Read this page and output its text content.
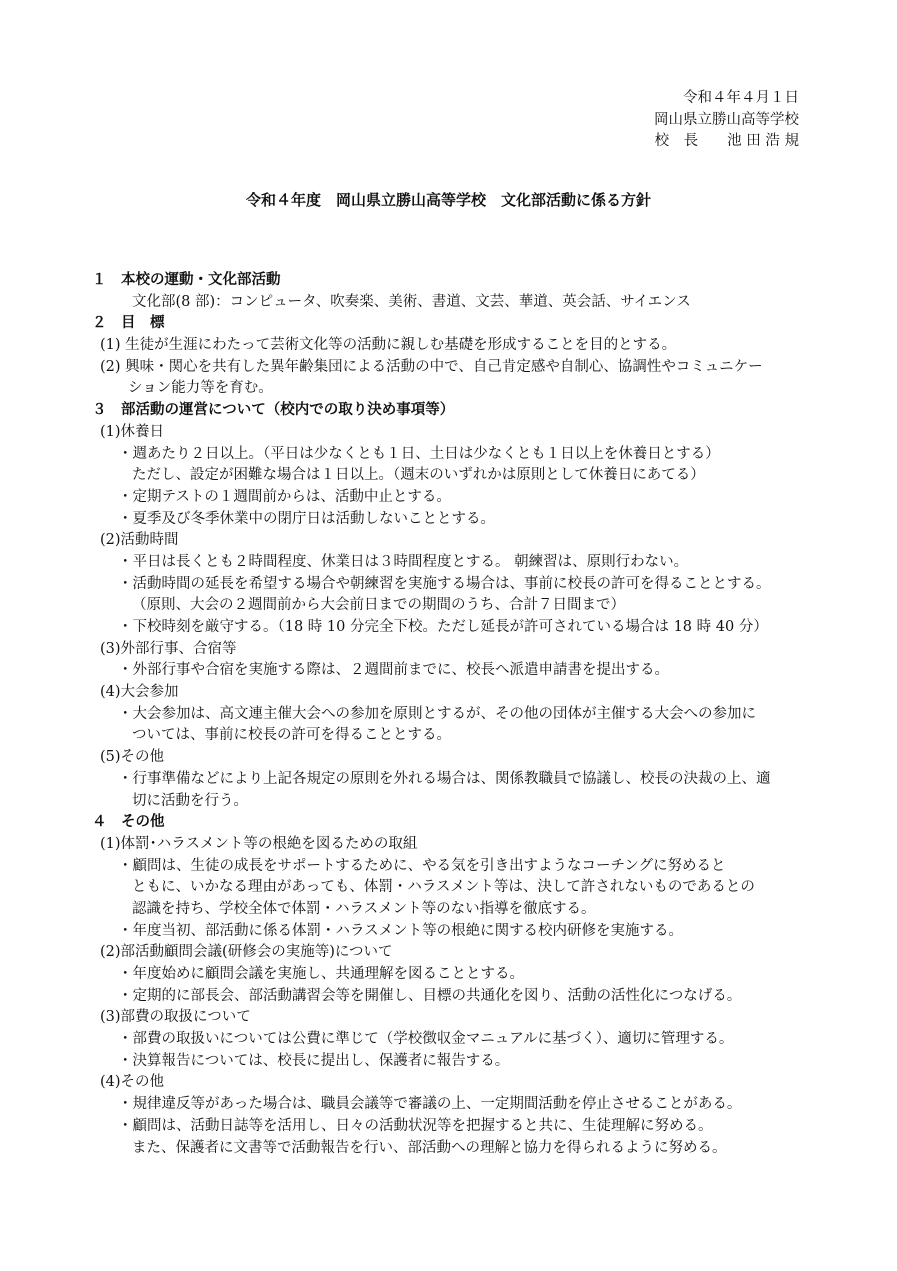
令和４年４月１日
岡山県立勝山高等学校
校　長　　池 田 浩 規
令和４年度　岡山県立勝山高等学校　文化部活動に係る方針
１　本校の運動・文化部活動
文化部(8 部)：コンピュータ、吹奏楽、美術、書道、文芸、華道、英会話、サイエンス
２　目　標
(1) 生徒が生涯にわたって芸術文化等の活動に親しむ基礎を形成することを目的とする。
(2) 興味・関心を共有した異年齢集団による活動の中で、自己肯定感や自制心、協調性やコミュニケー
ション能力等を育む。
３　部活動の運営について（校内での取り決め事項等）
(1)休養日
・週あたり２日以上。（平日は少なくとも１日、土日は少なくとも１日以上を休養日とする）
ただし、設定が困難な場合は１日以上。（週末のいずれかは原則として休養日にあてる）
・定期テストの１週間前からは、活動中止とする。
・夏季及び冬季休業中の閉庁日は活動しないこととする。
(2)活動時間
・平日は長くとも２時間程度、休業日は３時間程度とする。 朝練習は、原則行わない。
・活動時間の延長を希望する場合や朝練習を実施する場合は、事前に校長の許可を得ることとする。
（原則、大会の２週間前から大会前日までの期間のうち、合計７日間まで）
・下校時刻を厳守する。（18 時 10 分完全下校。ただし延長が許可されている場合は 18 時 40 分）
(3)外部行事、合宿等
・外部行事や合宿を実施する際は、２週間前までに、校長へ派遣申請書を提出する。
(4)大会参加
・大会参加は、高文連主催大会への参加を原則とするが、その他の団体が主催する大会への参加に
ついては、事前に校長の許可を得ることとする。
(5)その他
・行事準備などにより上記各規定の原則を外れる場合は、関係教職員で協議し、校長の決裁の上、適
切に活動を行う。
４　その他
(1)体罰･ハラスメント等の根絶を図るための取組
・顧問は、生徒の成長をサポートするために、やる気を引き出すようなコーチングに努めると
ともに、いかなる理由があっても、体罰・ハラスメント等は、決して許されないものであるとの
認識を持ち、学校全体で体罰・ハラスメント等のない指導を徹底する。
・年度当初、部活動に係る体罰・ハラスメント等の根絶に関する校内研修を実施する。
(2)部活動顧問会議(研修会の実施等)について
・年度始めに顧問会議を実施し、共通理解を図ることとする。
・定期的に部長会、部活動講習会等を開催し、目標の共通化を図り、活動の活性化につなげる。
(3)部費の取扱について
・部費の取扱いについては公費に準じて（学校徴収金マニュアルに基づく）、適切に管理する。
・決算報告については、校長に提出し、保護者に報告する。
(4)その他
・規律違反等があった場合は、職員会議等で審議の上、一定期間活動を停止させることがある。
・顧問は、活動日誌等を活用し、日々の活動状況等を把握すると共に、生徒理解に努める。
また、保護者に文書等で活動報告を行い、部活動への理解と協力を得られるように努める。
